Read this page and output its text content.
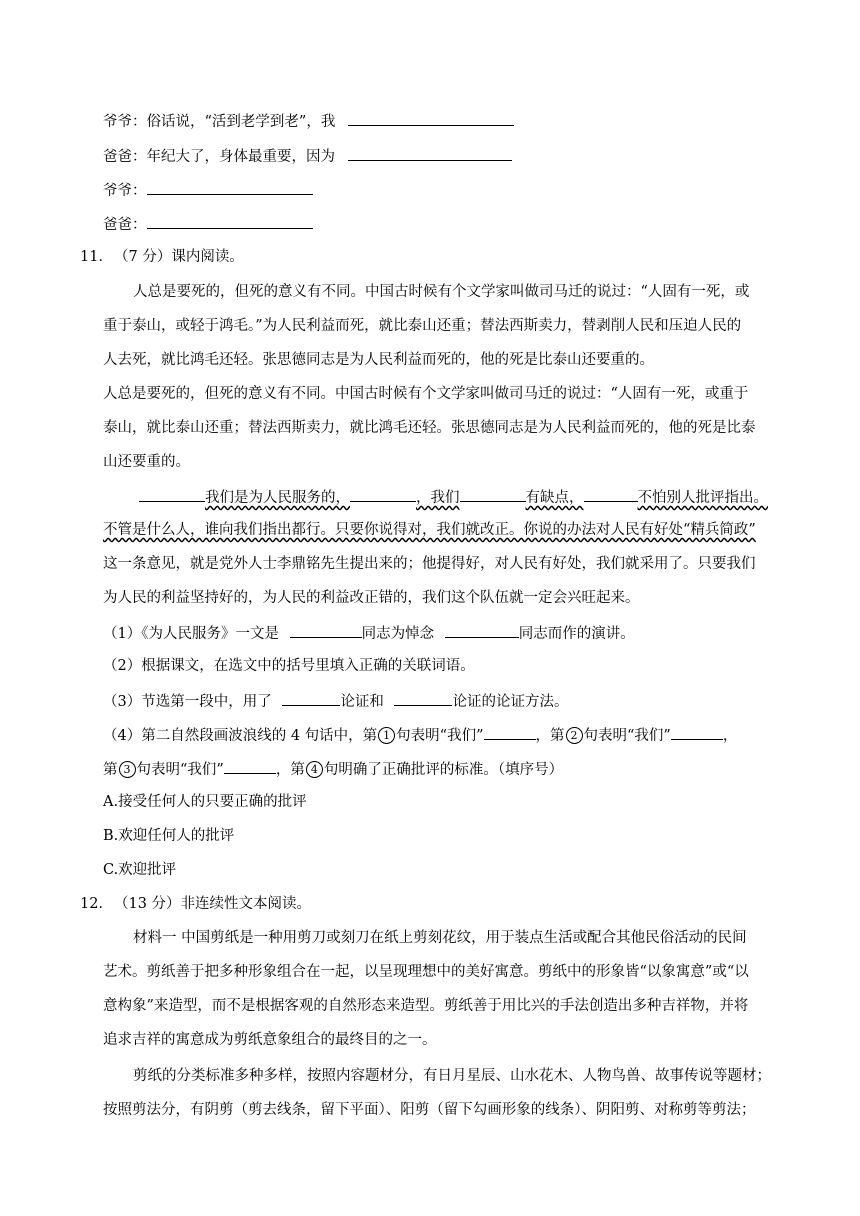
爷爷：俗话说，“活到老学到老”，我
爸爸：年纪大了，身体最重要，因为
爷爷：
爸爸：
11． （7 分）课内阅读。
人总是要死的，但死的意义有不同。中国古时候有个文学家叫做司马迁的说过：“人固有一死，或
重于泰山，或轻于鸿毛。”为人民利益而死，就比泰山还重；替法西斯卖力，替剥削人民和压迫人民的
人去死，就比鸿毛还轻。张思德同志是为人民利益而死的，他的死是比泰山还要重的。
人总是要死的，但死的意义有不同。中国古时候有个文学家叫做司马迁的说过：“人固有一死，或重于
泰山，就比泰山还重；替法西斯卖力，就比鸿毛还轻。张思德同志是为人民利益而死的，他的死是比泰
山还要重的。
我们是为人民服务的，	，我们	有缺点，	不怕别人批评指出。
不管是什么人，谁向我们指出都行。只要你说得对，我们就改正。你说的办法对人民有好处“精兵简政”
这一条意见，就是党外人士李鼎铭先生提出来的；他提得好，对人民有好处，我们就采用了。只要我们
为人民的利益坚持好的，为人民的利益改正错的，我们这个队伍就一定会兴旺起来。
（1）《为人民服务》一文是	同志为悼念	同志而作的演讲。
（2）根据课文，在选文中的括号里填入正确的关联词语。
（3）节选第一段中，用了	论证和	论证的论证方法。
（4）第二自然段画波浪线的 4 句话中，第 1 句表明“我们”	，第 2 句表明“我们”	，
第 3 句表明“我们”	，第 4 句明确了正确批评的标准。（填序号）
A.接受任何人的只要正确的批评
B.欢迎任何人的批评
C.欢迎批评
12． （13 分）非连续性文本阅读。
材料一 中国剪纸是一种用剪刀或刻刀在纸上剪刻花纹，用于装点生活或配合其他民俗活动的民间
艺术。剪纸善于把多种形象组合在一起，以呈现理想中的美好寓意。剪纸中的形象皆“以象寓意”或“以
意构象”来造型，而不是根据客观的自然形态来造型。剪纸善于用比兴的手法创造出多种吉祥物，并将
追求吉祥的寓意成为剪纸意象组合的最终目的之一。
剪纸的分类标准多种多样，按照内容题材分，有日月星辰、山水花木、人物鸟兽、故事传说等题材；
按照剪法分，有阴剪（剪去线条，留下平面）、阳剪（留下勾画形象的线条）、阴阳剪、对称剪等剪法；
